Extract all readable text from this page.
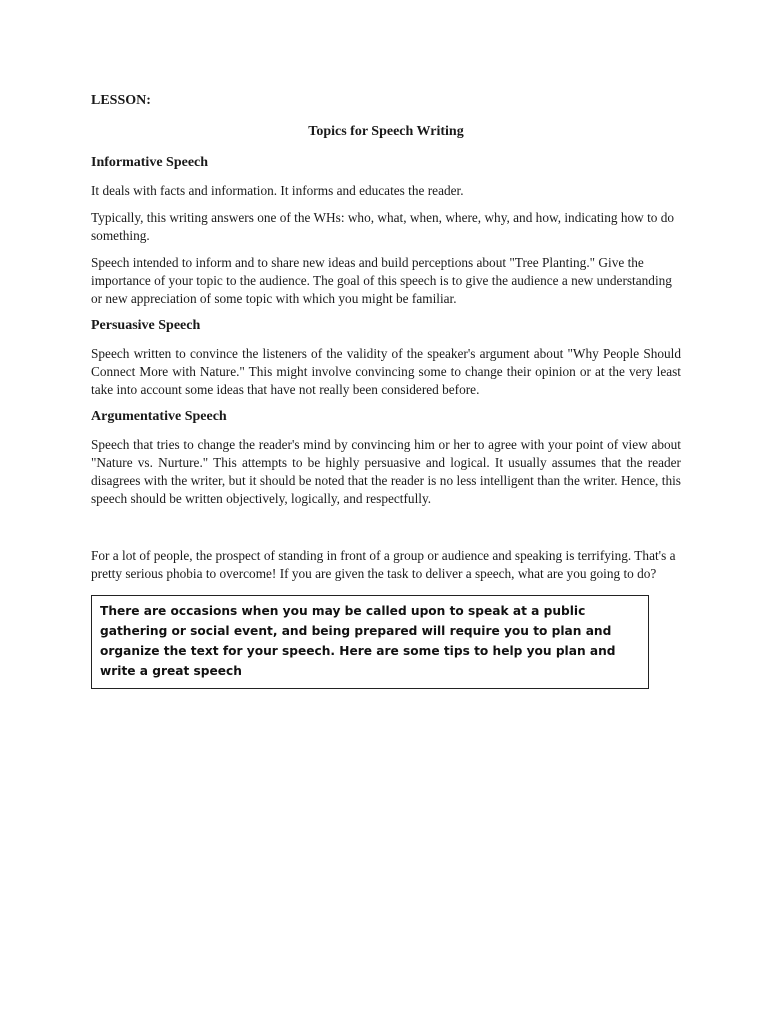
LESSON:
Topics for Speech Writing
Informative Speech

It deals with facts and information. It informs and educates the reader.

Typically, this writing answers one of the WHs: who, what, when, where, why, and how, indicating how to do something.

Speech intended to inform and to share new ideas and build perceptions about "Tree Planting." Give the importance of your topic to the audience. The goal of this speech is to give the audience a new understanding or new appreciation of some topic with which you might be familiar.

Persuasive Speech

Speech written to convince the listeners of the validity of the speaker's argument about "Why People Should Connect More with Nature." This might involve convincing some to change their opinion or at the very least take into account some ideas that have not really been considered before.

Argumentative Speech

Speech that tries to change the reader's mind by convincing him or her to agree with your point of view about "Nature vs. Nurture." This attempts to be highly persuasive and logical. It usually assumes that the reader disagrees with the writer, but it should be noted that the reader is no less intelligent than the writer. Hence, this speech should be written objectively, logically, and respectfully.

For a lot of people, the prospect of standing in front of a group or audience and speaking is terrifying. That's a pretty serious phobia to overcome! If you are given the task to deliver a speech, what are you going to do?

There are occasions when you may be called upon to speak at a public gathering or social event, and being prepared will require you to plan and organize the text for your speech. Here are some tips to help you plan and write a great speech
